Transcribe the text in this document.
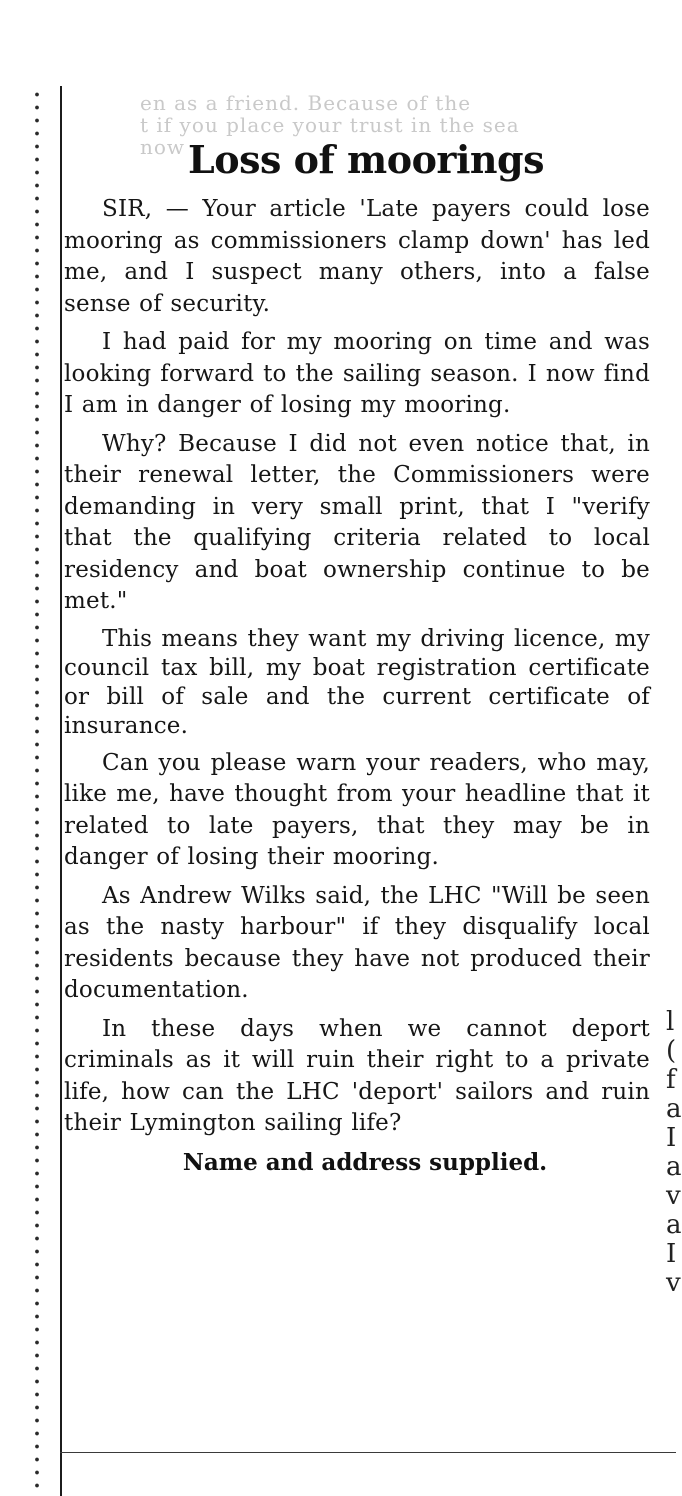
en as a friend. Because of the
t if you place your trust in the sea
now
l
(
f
a
I
a
v
a
I
v
Loss of moorings

SIR, — Your article 'Late payers could lose mooring as commissioners clamp down' has led me, and I suspect many others, into a false sense of security.

I had paid for my mooring on time and was looking forward to the sailing season. I now find I am in danger of losing my mooring.

Why? Because I did not even notice that, in their renewal letter, the Commissioners were demanding in very small print, that I "verify that the qualifying criteria related to local residency and boat ownership continue to be met."

This means they want my driving licence, my council tax bill, my boat registration certificate or bill of sale and the current certificate of insurance.

Can you please warn your readers, who may, like me, have thought from your headline that it related to late payers, that they may be in danger of losing their mooring.

As Andrew Wilks said, the LHC "Will be seen as the nasty harbour" if they disqualify local residents because they have not produced their documentation.

In these days when we cannot deport criminals as it will ruin their right to a private life, how can the LHC 'deport' sailors and ruin their Lymington sailing life?

Name and address supplied.
